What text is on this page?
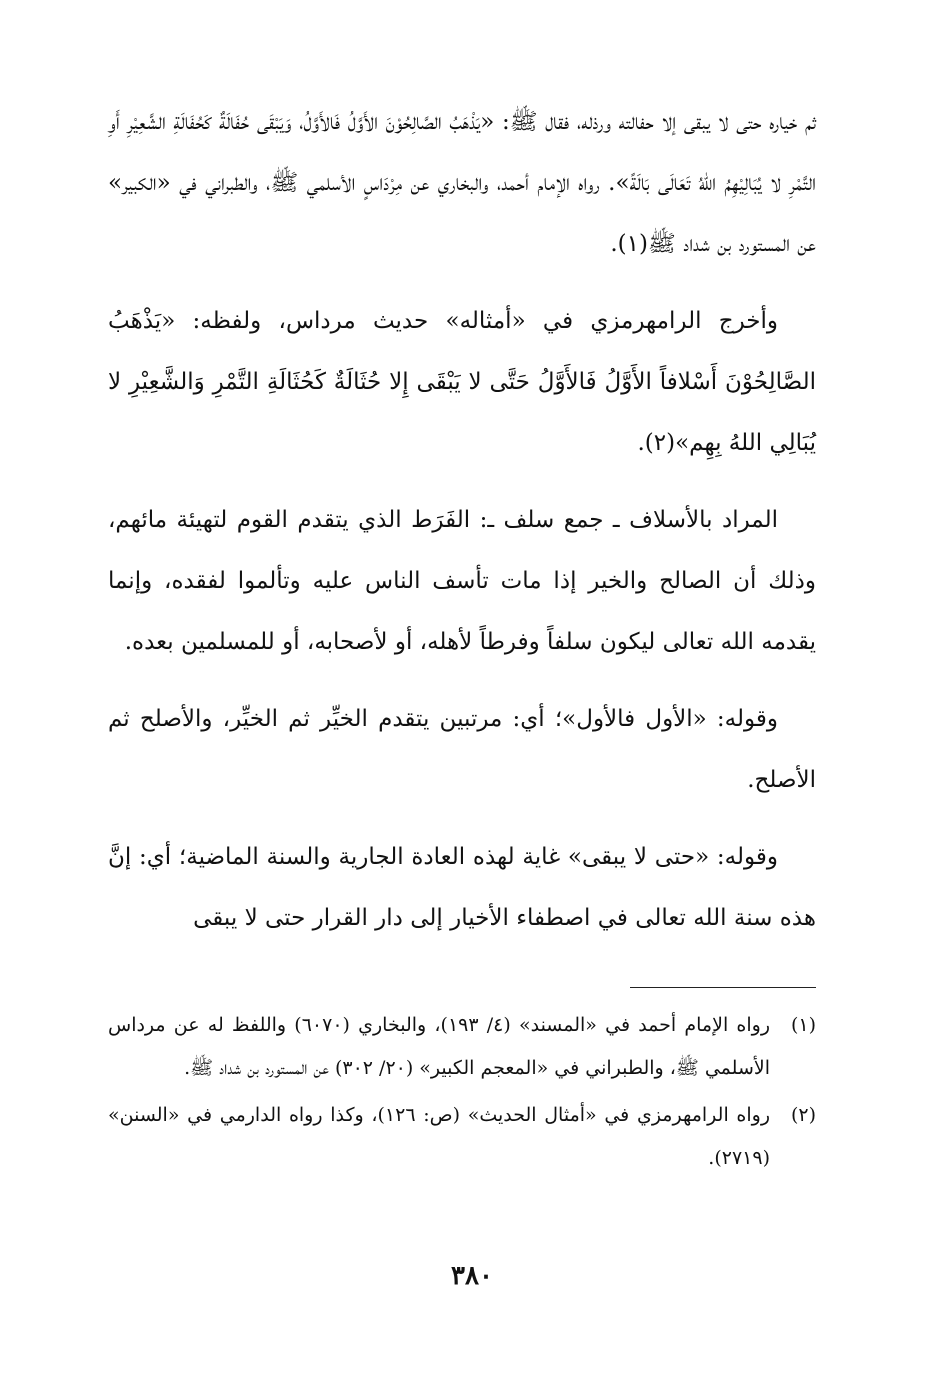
ثم خياره حتى لا يبقى إلا حفالته ورذله، فقال ﷺ: «يَذْهَبُ الصَّالِحُوْنَ الأَوَّلُ فَالأَوَّلُ، وَيَبْقَى حُفَالَةٌ كَحُفَالَةِ الشَّعِيْرِ أَوِ التَّمْرِ لا يُبَالِيْهِمُ اللهُ تَعَالَى بَالَةً». رواه الإمام أحمد، والبخاري عن مِرْدَاسٍ الأسلمي ﷺ، والطبراني في «الكبير» عن المستورد بن شداد ﷺ(١).

وأخرج الرامهرمزي في «أمثاله» حديث مرداس، ولفظه: «يَذْهَبُ الصَّالِحُوْنَ أَسْلافاً الأَوَّلُ فَالأَوَّلُ حَتَّى لا يَبْقَى إِلا حُثَالَةٌ كَحُثَالَةِ التَّمْرِ وَالشَّعِيْرِ لا يُبَالِي اللهُ بِهِم»(٢).

المراد بالأسلاف ـ جمع سلف ـ: الفَرَط الذي يتقدم القوم لتهيئة مائهم، وذلك أن الصالح والخير إذا مات تأسف الناس عليه وتألموا لفقده، وإنما يقدمه الله تعالى ليكون سلفاً وفرطاً لأهله، أو لأصحابه، أو للمسلمين بعده.

وقوله: «الأول فالأول»؛ أي: مرتبين يتقدم الخيِّر ثم الخيِّر، والأصلح ثم الأصلح.

وقوله: «حتى لا يبقى» غاية لهذه العادة الجارية والسنة الماضية؛ أي: إنَّ هذه سنة الله تعالى في اصطفاء الأخيار إلى دار القرار حتى لا يبقى

(١)
رواه الإمام أحمد في «المسند» (٤/ ١٩٣)، والبخاري (٦٠٧٠) واللفظ له عن مرداس الأسلمي ﷺ، والطبراني في «المعجم الكبير» (٢٠/ ٣٠٢) عن المستورد بن شداد ﷺ.
(٢)
رواه الرامهرمزي في «أمثال الحديث» (ص: ١٢٦)، وكذا رواه الدارمي في «السنن» (٢٧١٩).
٣٨٠
